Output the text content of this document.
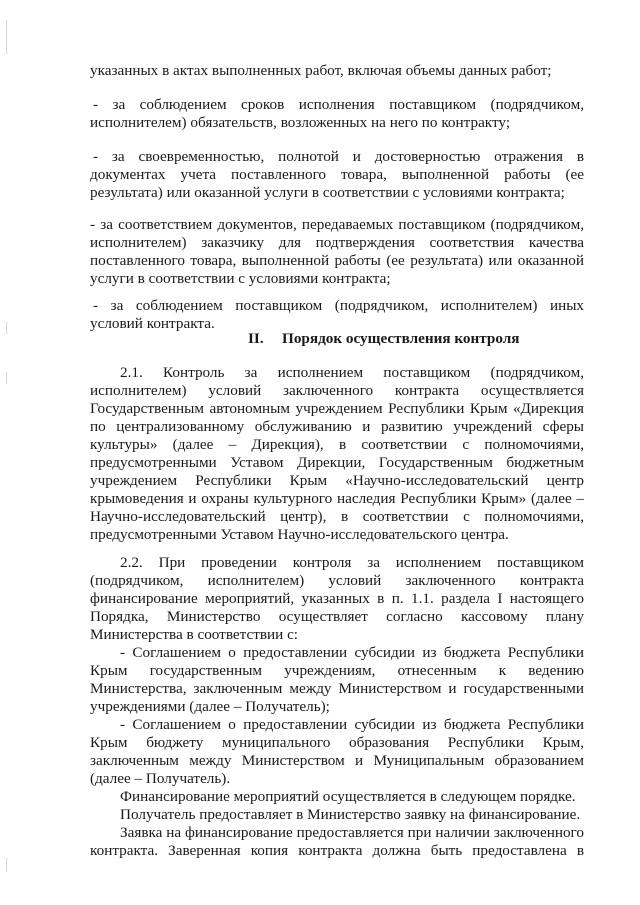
указанных в актах выполненных работ, включая объемы данных работ;
- за соблюдением сроков исполнения поставщиком (подрядчиком,
исполнителем) обязательств, возложенных на него по контракту;
- за своевременностью, полнотой и достоверностью отражения в
документах учета поставленного товара, выполненной работы (ее
результата) или оказанной услуги в соответствии с условиями контракта;
- за соответствием документов, передаваемых поставщиком (подрядчиком,
исполнителем) заказчику для подтверждения соответствия качества
поставленного товара, выполненной работы (ее результата) или оказанной
услуги в соответствии с условиями контракта;
- за соблюдением поставщиком (подрядчиком, исполнителем) иных
условий контракта.
II. Порядок осуществления контроля
2.1. Контроль за исполнением поставщиком (подрядчиком,
исполнителем) условий заключенного контракта осуществляется
Государственным автономным учреждением Республики Крым «Дирекция
по централизованному обслуживанию и развитию учреждений сферы
культуры» (далее – Дирекция), в соответствии с полномочиями,
предусмотренными Уставом Дирекции, Государственным бюджетным
учреждением Республики Крым «Научно-исследовательский центр
крымоведения и охраны культурного наследия Республики Крым» (далее –
Научно-исследовательский центр), в соответствии с полномочиями,
предусмотренными Уставом Научно-исследовательского центра.
2.2. При проведении контроля за исполнением поставщиком
(подрядчиком, исполнителем) условий заключенного контракта
финансирование мероприятий, указанных в п. 1.1. раздела I настоящего
Порядка, Министерство осуществляет согласно кассовому плану
Министерства в соответствии с:
- Соглашением о предоставлении субсидии из бюджета Республики
Крым государственным учреждениям, отнесенным к ведению
Министерства, заключенным между Министерством и государственными
учреждениями (далее – Получатель);
- Соглашением о предоставлении субсидии из бюджета Республики
Крым бюджету муниципального образования Республики Крым,
заключенным между Министерством и Муниципальным образованием
(далее – Получатель).
Финансирование мероприятий осуществляется в следующем порядке.
Получатель предоставляет в Министерство заявку на финансирование.
Заявка на финансирование предоставляется при наличии заключенного
контракта. Заверенная копия контракта должна быть предоставлена в
